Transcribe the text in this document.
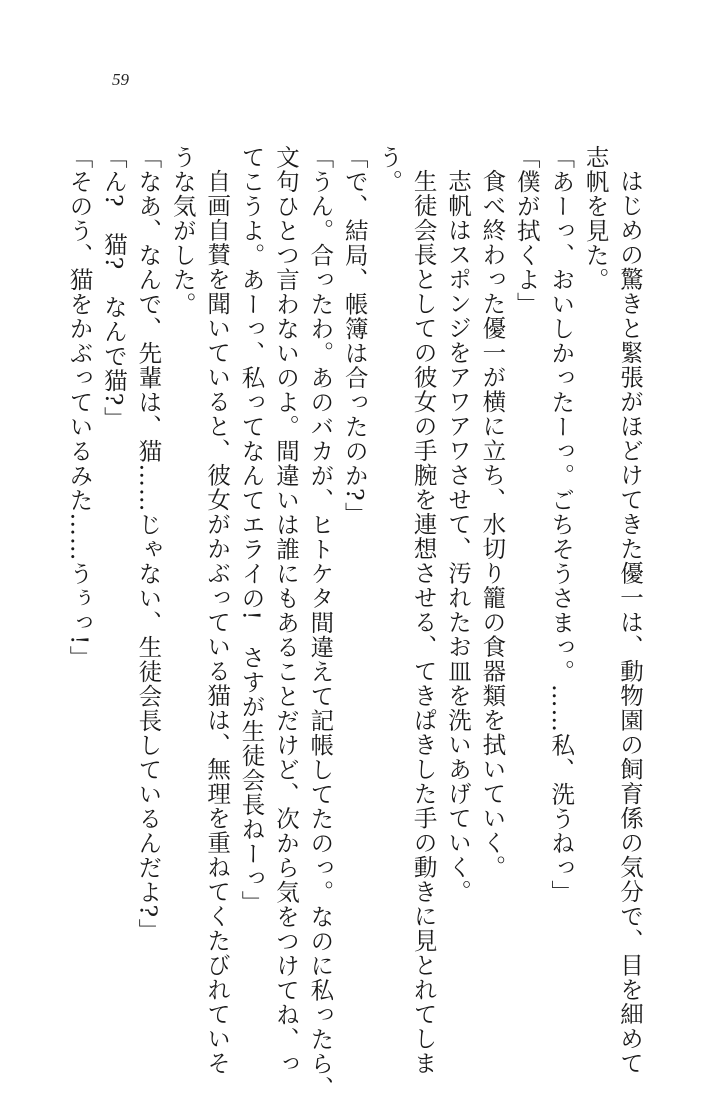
59

はじめの驚きと緊張がほどけてきた優一は、動物園の飼育係の気分で、目を細めて

志帆を見た。

「あーっ、おいしかったーっ。ごちそうさまっ。……私、洗うねっ」

「僕が拭くよ」

食べ終わった優一が横に立ち、水切り籠の食器類を拭いていく。

志帆はスポンジをアワアワさせて、汚れたお皿を洗いあげていく。

生徒会長としての彼女の手腕を連想させる、てきぱきした手の動きに見とれてしま

う。

「で、結局、帳簿は合ったのか?」

「うん。合ったわ。あのバカが、ヒトケタ間違えて記帳してたのっ。なのに私ったら、

文句ひとつ言わないのよ。間違いは誰にもあることだけど、次から気をつけてね、っ

てこうよ。あーっ、私ってなんてエライの!　さすが生徒会長ねーっ」

自画自賛を聞いていると、彼女がかぶっている猫は、無理を重ねてくたびれていそ

うな気がした。

「なあ、なんで、先輩は、猫……じゃない、生徒会長しているんだよ?」

「ん?　猫?　なんで猫?」

「そのう、猫をかぶっているみた……うぅっ!」
